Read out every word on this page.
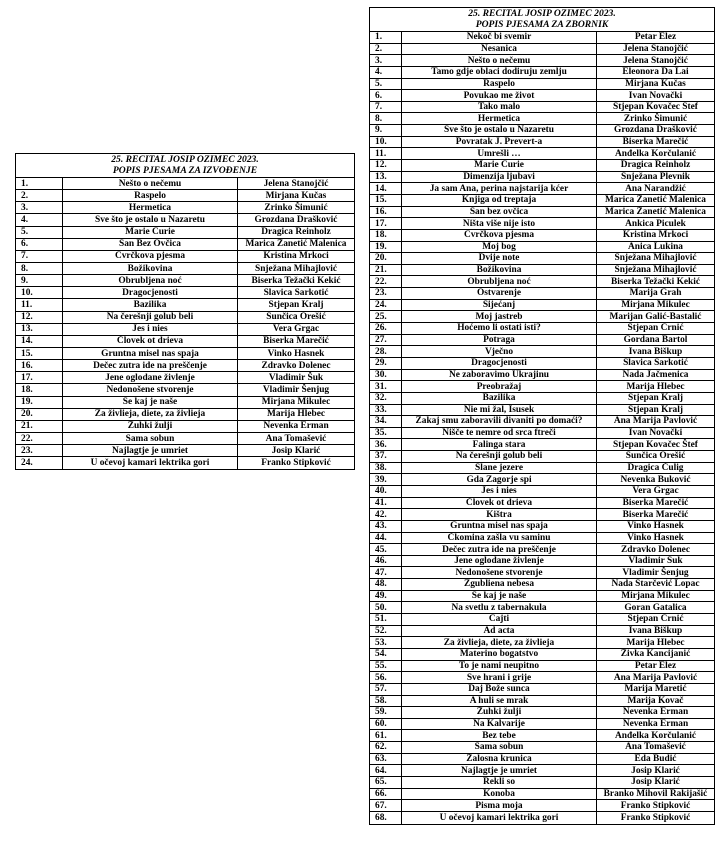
25. RECITAL JOSIP OZIMEC 2023.
POPIS PJESAMA ZA IZVOĐENJE
1.	Nešto o nečemu	Jelena Stanojčić
2.	Raspelo	Mirjana Kučas
3.	Hermetica	Zrinko Šimunić
4.	Sve što je ostalo u Nazaretu	Grozdana Drašković
5.	Marie Curie	Dragica Reinholz
6.	San Bez Ovčica	Marica Žanetić Malenica
7.	Cvrčkova pjesma	Kristina Mrkoci
8.	Božikovina	Snježana Mihajlović
9.	Obrubljena noć	Biserka Težački Kekić
10.	Dragocjenosti	Slavica Sarkotić
11.	Bazilika	Stjepan Kralj
12.	Na čerešnji golub beli	Sunčica Orešić
13.	Jes i nies	Vera Grgac
14.	Človek ot drieva	Biserka Marečić
15.	Gruntna misel nas spaja	Vinko Hasnek
16.	Dečec zutra ide na preščenje	Zdravko Dolenec
17.	Jene oglodane živlenje	Vladimir Šuk
18.	Nedonošene stvorenje	Vladimir Šenjug
19.	Se kaj je naše	Mirjana Mikulec
20.	Za živlieja, diete, za živlieja	Marija Hlebec
21.	Žuhki žulji	Nevenka Erman
22.	Sama sobun	Ana Tomašević
23.	Najlagtje je umriet	Josip Klarić
24.	U očevoj kamari lektrika gori	Franko Stipković
25. RECITAL JOSIP OZIMEC 2023.
POPIS PJESAMA ZA ZBORNIK
1.	Nekoč bi svemir	Petar Elez
2.	Nesanica	Jelena Stanojčić
3.	Nešto o nečemu	Jelena Stanojčić
4.	Tamo gdje oblaci dodiruju zemlju	Eleonora Da Lai
5.	Raspelo	Mirjana Kučas
6.	Povukao me život	Ivan Novački
7.	Tako malo	Stjepan Kovačec Štef
8.	Hermetica	Zrinko Šimunić
9.	Sve što je ostalo u Nazaretu	Grozdana Drašković
10.	Povratak J. Prevert-a	Biserka Marečić
11.	Umrešli …	Anđelka Korčulanić
12.	Marie Curie	Dragica Reinholz
13.	Dimenzija ljubavi	Snježana Plevnik
14.	Ja sam Ana, perina najstarija kćer	Ana Narandžić
15.	Knjiga od treptaja	Marica Žanetić Malenica
16.	San bez ovčica	Marica Žanetić Malenica
17.	Ništa više nije isto	Ankica Piculek
18.	Cvrčkova pjesma	Kristina Mrkoci
19.	Moj bog	Anica Lukina
20.	Dvije note	Snježana Mihajlović
21.	Božikovina	Snježana Mihajlović
22.	Obrubljena noć	Biserka Težački Kekić
23.	Ostvarenje	Marija Grah
24.	Sijećanj	Mirjana Mikulec
25.	Moj jastreb	Marijan Galić-Bastalić
26.	Hoćemo li ostati isti?	Stjepan Crnić
27.	Potraga	Gordana Bartol
28.	Vječno	Ivana Biškup
29.	Dragocjenosti	Slavica Sarkotić
30.	Ne zaboravimo Ukrajinu	Nada Jačmenica
31.	Preobražaj	Marija Hlebec
32.	Bazilika	Stjepan Kralj
33.	Nie mi žal, Isusek	Stjepan Kralj
34.	Zakaj smu zaboravili divaniti po domaći?	Ana Marija Pavlović
35.	Niščе te nemre od srca ftrеči	Ivan Novački
36.	Falinga stara	Stjepan Kovačec Štef
37.	Na čerešnji golub beli	Sunčica Orešić
38.	Slane jezere	Dragica Čulig
39.	Gda Zagorje spi	Nevenka Buković
40.	Jes i nies	Vera Grgac
41.	Človek ot drieva	Biserka Marečić
42.	Kištra	Biserka Marečić
43.	Gruntna misel nas spaja	Vinko Hasnek
44.	Čkomina zašla vu saminu	Vinko Hasnek
45.	Dečec zutra ide na preščenje	Zdravko Dolenec
46.	Jene oglodane živlenje	Vladimir Šuk
47.	Nedonošene stvorenje	Vladimir Šenjug
48.	Zgubliena nebesa	Nada Starčević Lopac
49.	Se kaj je naše	Mirjana Mikulec
50.	Na svetlu z tabernakula	Goran Gatalica
51.	Cajti	Stjepan Crnić
52.	Ad acta	Ivana Biškup
53.	Za živlieja, diete, za živlieja	Marija Hlebec
54.	Materino bogatstvo	Živka Kancijanić
55.	To je nami neupitno	Petar Elez
56.	Sve hrani i grije	Ana Marija Pavlović
57.	Daj Bože sunca	Marija Maretić
58.	A huli se mrak	Marija Kovač
59.	Žuhki žulji	Nevenka Erman
60.	Na Kalvarije	Nevenka Erman
61.	Bez tebe	Anđelka Korčulanić
62.	Sama sobun	Ana Tomašević
63.	Žalosna krunica	Eda Budić
64.	Najlagtje je umriet	Josip Klarić
65.	Rekli so	Josip Klarić
66.	Konoba	Branko Mihovil Rakijašić
67.	Pisma moja	Franko Stipković
68.	U očevoj kamari lektrika gori	Franko Stipković
